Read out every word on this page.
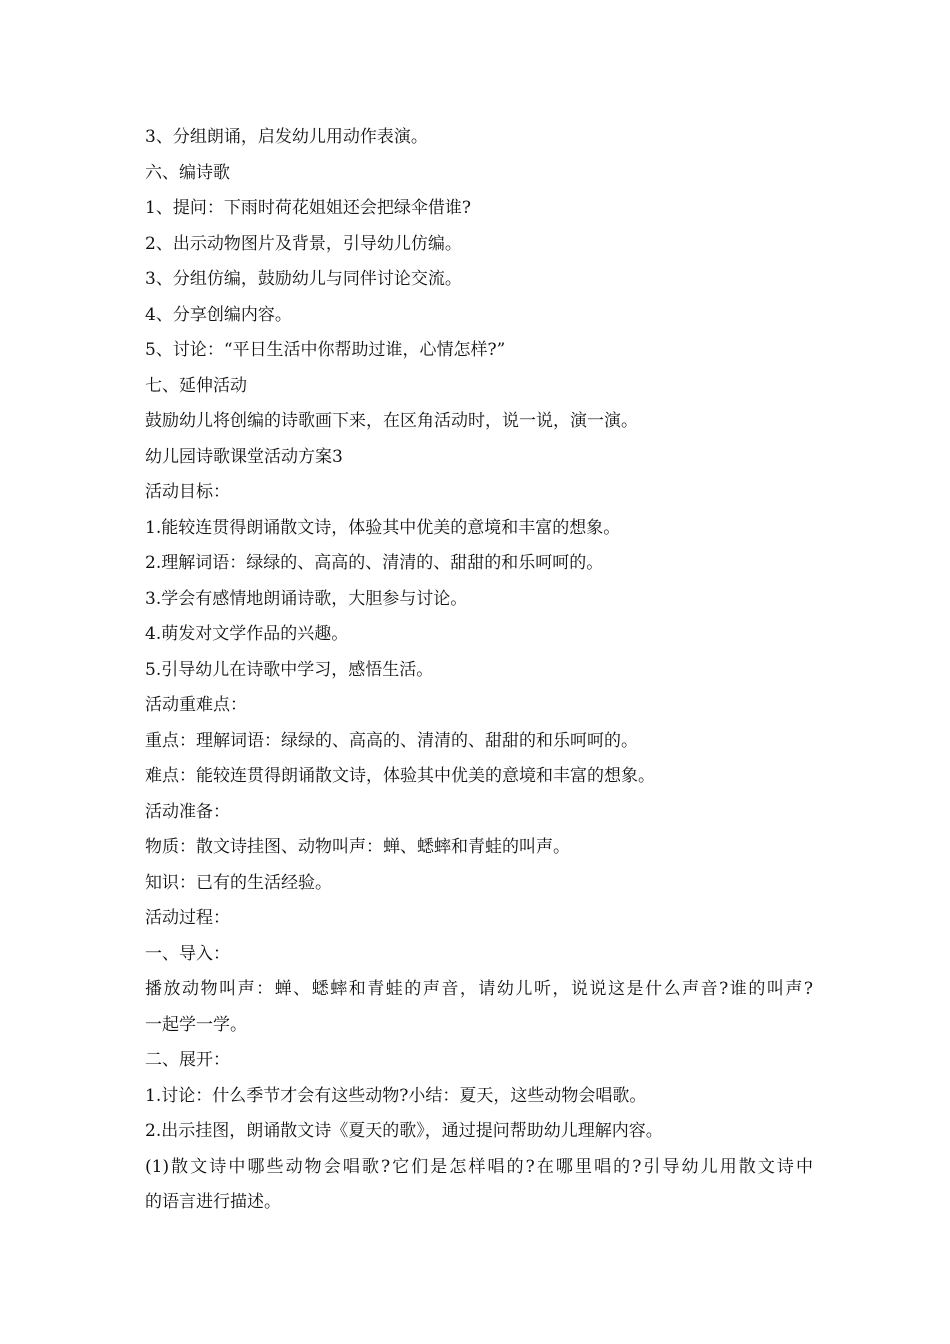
3、分组朗诵，启发幼儿用动作表演。
六、编诗歌
1、提问：下雨时荷花姐姐还会把绿伞借谁?
2、出示动物图片及背景，引导幼儿仿编。
3、分组仿编，鼓励幼儿与同伴讨论交流。
4、分享创编内容。
5、讨论：“平日生活中你帮助过谁，心情怎样?”
七、延伸活动
鼓励幼儿将创编的诗歌画下来，在区角活动时，说一说，演一演。
幼儿园诗歌课堂活动方案3
活动目标：
1.能较连贯得朗诵散文诗，体验其中优美的意境和丰富的想象。
2.理解词语：绿绿的、高高的、清清的、甜甜的和乐呵呵的。
3.学会有感情地朗诵诗歌，大胆参与讨论。
4.萌发对文学作品的兴趣。
5.引导幼儿在诗歌中学习，感悟生活。
活动重难点：
重点：理解词语：绿绿的、高高的、清清的、甜甜的和乐呵呵的。
难点：能较连贯得朗诵散文诗，体验其中优美的意境和丰富的想象。
活动准备：
物质：散文诗挂图、动物叫声：蝉、蟋蟀和青蛙的叫声。
知识：已有的生活经验。
活动过程：
一、导入：
播放动物叫声：蝉、蟋蟀和青蛙的声音，请幼儿听，说说这是什么声音?谁的叫声?
一起学一学。
二、展开：
1.讨论：什么季节才会有这些动物?小结：夏天，这些动物会唱歌。
2.出示挂图，朗诵散文诗《夏天的歌》，通过提问帮助幼儿理解内容。
(1)散文诗中哪些动物会唱歌?它们是怎样唱的?在哪里唱的?引导幼儿用散文诗中
的语言进行描述。
